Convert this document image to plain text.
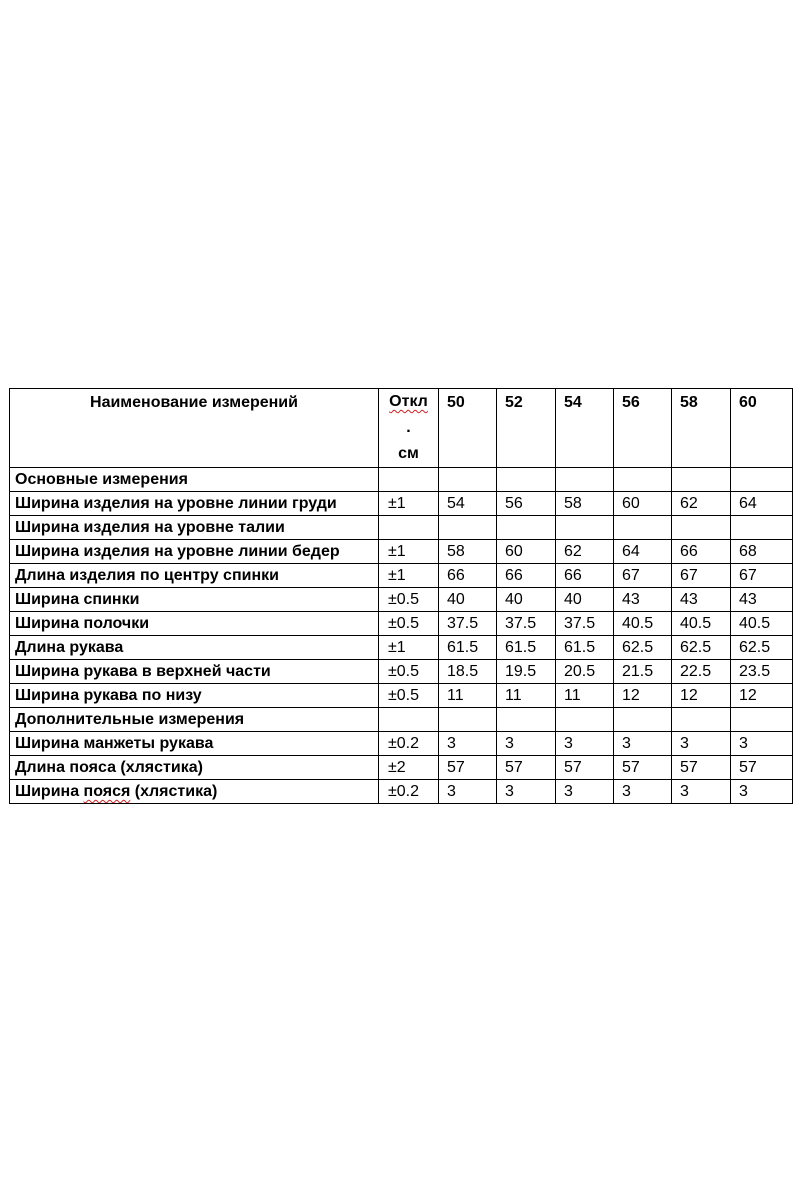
Наименование измерений	Откл
.
см	50	52	54	56	58	60
Основные измерения							
Ширина изделия на уровне линии груди	±1	54	56	58	60	62	64
Ширина изделия на уровне талии							
Ширина изделия на уровне линии бедер	±1	58	60	62	64	66	68
Длина изделия по центру спинки	±1	66	66	66	67	67	67
Ширина спинки	±0.5	40	40	40	43	43	43
Ширина полочки	±0.5	37.5	37.5	37.5	40.5	40.5	40.5
Длина рукава	±1	61.5	61.5	61.5	62.5	62.5	62.5
Ширина рукава в верхней части	±0.5	18.5	19.5	20.5	21.5	22.5	23.5
Ширина рукава по низу	±0.5	11	11	11	12	12	12
Дополнительные измерения							
Ширина манжеты рукава	±0.2	3	3	3	3	3	3
Длина пояса (хлястика)	±2	57	57	57	57	57	57
Ширина пояся (хлястика)	±0.2	3	3	3	3	3	3
